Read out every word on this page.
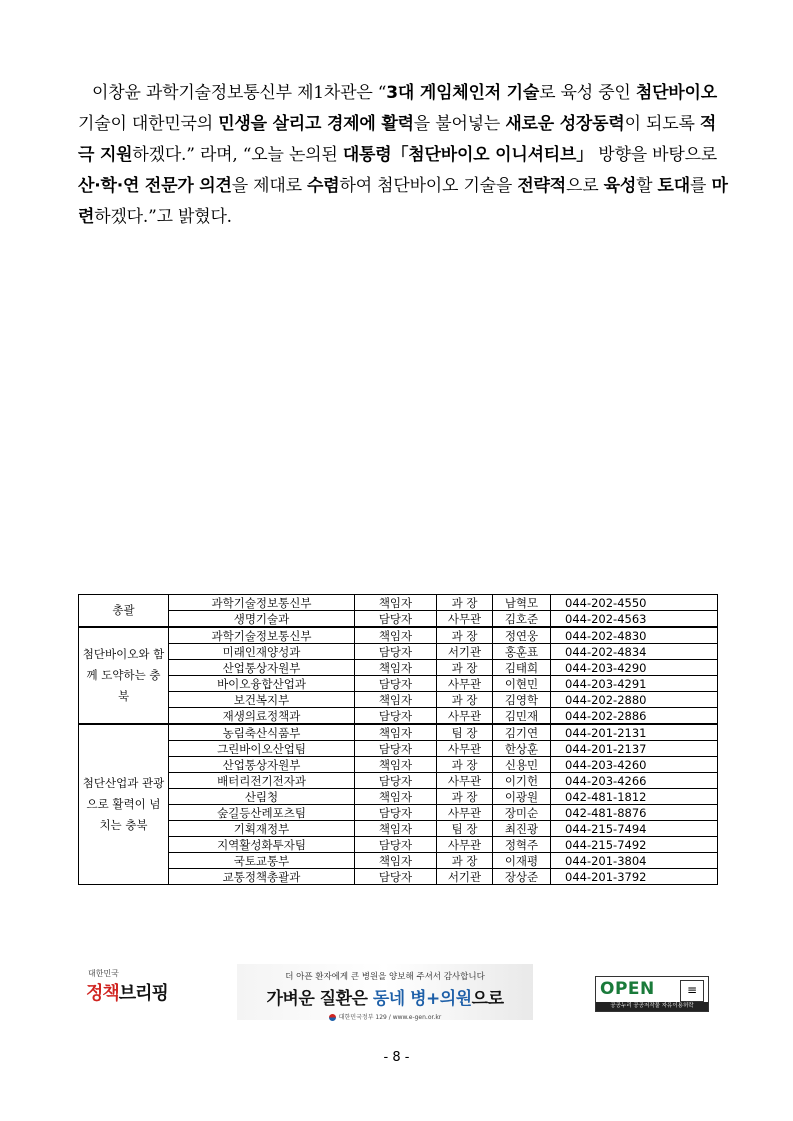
이창윤 과학기술정보통신부 제1차관은 “3대 게임체인저 기술로 육성 중인 첨단바이오 기술이 대한민국의 민생을 살리고 경제에 활력을 불어넣는 새로운 성장동력이 되도록 적극 지원하겠다.” 라며, “오늘 논의된 대통령「첨단바이오 이니셔티브」 방향을 바탕으로 산·학·연 전문가 의견을 제대로 수렴하여 첨단바이오 기술을 전략적으로 육성할 토대를 마련하겠다.”고 밝혔다.
총괄	과학기술정보통신부	책임자	과 장	남혁모	044-202-4550
	생명기술과	담당자	사무관	김호준	044-202-4563
첨단바이오와 함께 도약하는 충북	과학기술정보통신부	책임자	과 장	정연웅	044-202-4830
	미래인재양성과	담당자	서기관	홍훈표	044-202-4834
	산업통상자원부	책임자	과 장	김태희	044-203-4290
	바이오융합산업과	담당자	사무관	이현민	044-203-4291
	보건복지부	책임자	과 장	김영학	044-202-2880
	재생의료정책과	담당자	사무관	김민재	044-202-2886
첨단산업과 관광으로 활력이 넘치는 충북	농림축산식품부	책임자	팀 장	김기연	044-201-2131
	그린바이오산업팀	담당자	사무관	한상훈	044-201-2137
	산업통상자원부	책임자	과 장	신용민	044-203-4260
	배터리전기전자과	담당자	사무관	이기헌	044-203-4266
	산림청	책임자	과 장	이광원	042-481-1812
	숲길등산레포츠팀	담당자	사무관	장미순	042-481-8876
	기획재정부	책임자	팀 장	최진광	044-215-7494
	지역활성화투자팀	담당자	사무관	정혁주	044-215-7492
	국토교통부	책임자	과 장	이재평	044-201-3804
	교통정책총괄과	담당자	서기관	장상준	044-201-3792
대한민국
정책브리핑
더 아픈 환자에게 큰 병원을 양보해 주셔서 감사합니다
가벼운 질환은 동네 병+의원으로
대한민국정부 129 / www.e-gen.or.kr
OPEN	≡
공공누리 공공저작물 자유이용허락
- 8 -
